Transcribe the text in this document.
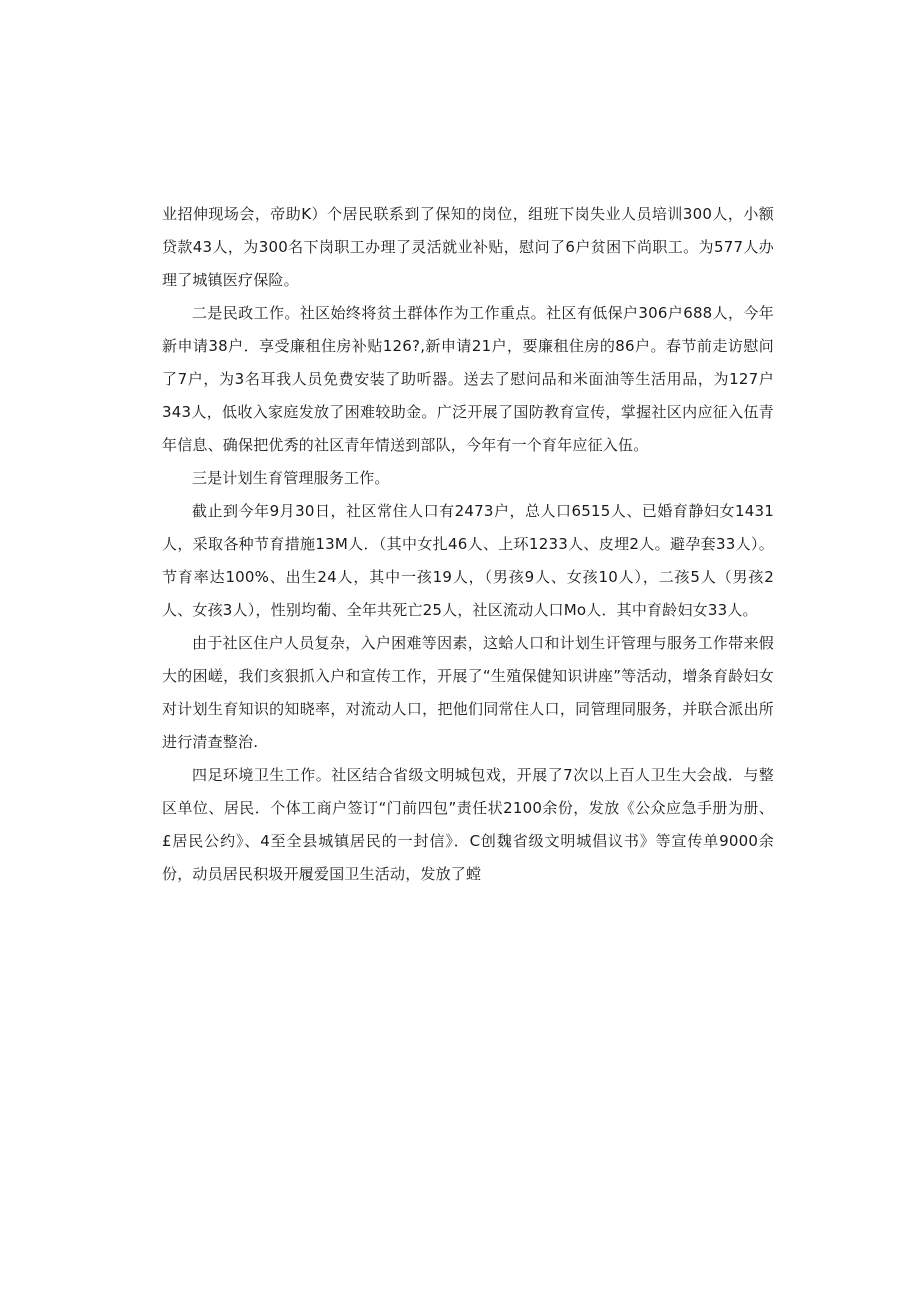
业招伸现场会，帝助K）个居民联系到了保知的岗位，组班下岗失业人员培训300人，小额贷款43人，为300名下岗职工办理了灵活就业补贴，慰问了6户贫困下尚职工。为577人办理了城镇医疗保险。

二是民政工作。社区始终将贫土群体作为工作重点。社区有低保户306户688人，今年新申请38户．享受廉租住房补贴126?,新申请21户，要廉租住房的86户。春节前走访慰问了7户，为3名耳我人员免费安装了助听器。送去了慰问品和米面油等生活用品，为127户343人，低收入家庭发放了困难较助金。广泛开展了国防教育宣传，掌握社区内应征入伍青年信息、确保把优秀的社区青年情送到部队，今年有一个育年应征入伍。

三是计划生育管理服务工作。

截止到今年9月30日，社区常住人口有2473户，总人口6515人、已婚育静妇女1431人，采取各种节育措施13M人．（其中女扎46人、上环1233人、皮埋2人。避孕套33人）。节育率达100%、出生24人，其中一孩19人，（男孩9人、女孩10人），二孩5人（男孩2人、女孩3人），性别均葡、全年共死亡25人，社区流动人口Mo人．其中育龄妇女33人。

由于社区住户人员复杂，入户困难等因素，这蛤人口和计划生讦管理与服务工作帯来假大的困嵯，我们亥狠抓入户和宣传工作，开展了“生殖保健知识讲座”等活动，增条育龄妇女对计划生育知识的知晓率，对流动人口，把他们同常住人口，同管理同服务，并联合派出所进行清查整治.

四足环境卫生工作。社区结合省级文明城包戏，开展了7次以上百人卫生大会战．与整区单位、居民．个体工商户签订“门前四包”责任状2100余份，发放《公众应急手册为册、£居民公约》、4至全县城镇居民的一封信》．C创魏省级文明城倡议书》等宣传单9000余份，动员居民积圾开履爱国卫生活动，发放了螳
